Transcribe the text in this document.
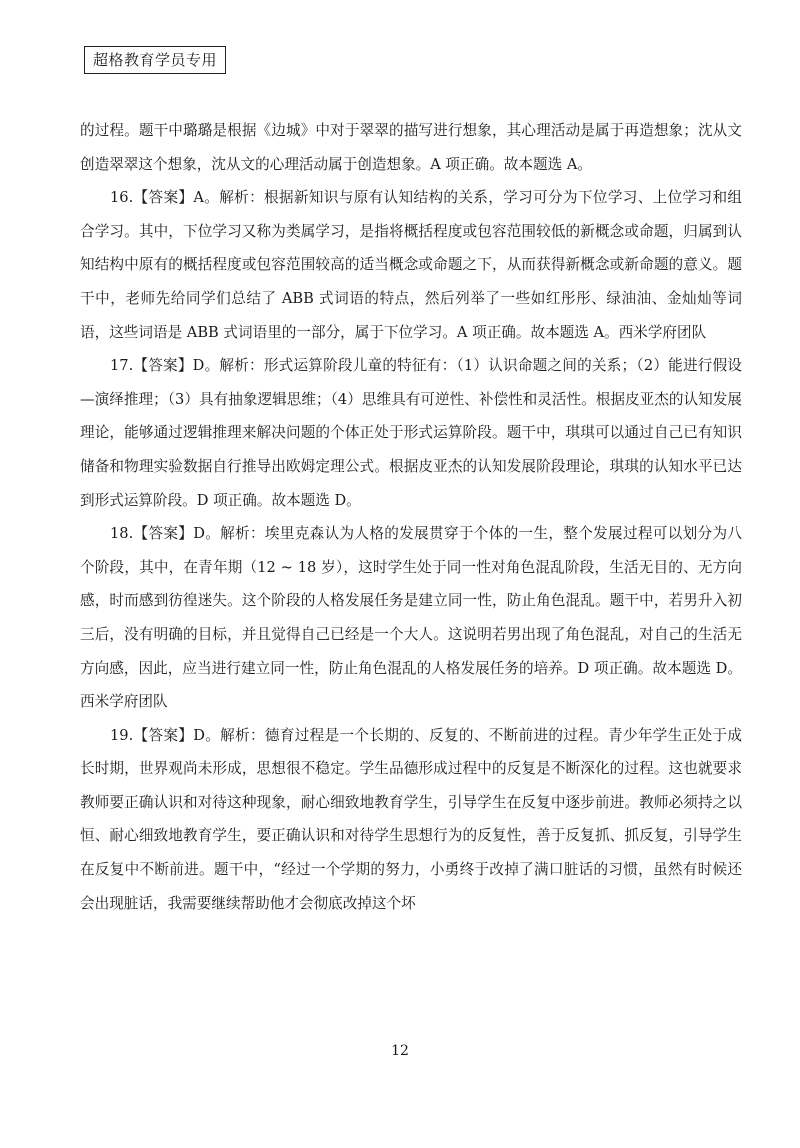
超格教育学员专用

的过程。题干中璐璐是根据《边城》中对于翠翠的描写进行想象，其心理活动是属于再造想象；沈从文创造翠翠这个想象，沈从文的心理活动属于创造想象。A 项正确。故本题选 A。

16.【答案】A。解析：根据新知识与原有认知结构的关系，学习可分为下位学习、上位学习和组合学习。其中，下位学习又称为类属学习，是指将概括程度或包容范围较低的新概念或命题，归属到认知结构中原有的概括程度或包容范围较高的适当概念或命题之下，从而获得新概念或新命题的意义。题干中，老师先给同学们总结了 ABB 式词语的特点，然后列举了一些如红彤彤、绿油油、金灿灿等词语，这些词语是 ABB 式词语里的一部分，属于下位学习。A 项正确。故本题选 A。西米学府团队

17.【答案】D。解析：形式运算阶段儿童的特征有：（1）认识命题之间的关系；（2）能进行假设—演绎推理；（3）具有抽象逻辑思维；（4）思维具有可逆性、补偿性和灵活性。根据皮亚杰的认知发展理论，能够通过逻辑推理来解决问题的个体正处于形式运算阶段。题干中，琪琪可以通过自己已有知识储备和物理实验数据自行推导出欧姆定理公式。根据皮亚杰的认知发展阶段理论，琪琪的认知水平已达到形式运算阶段。D 项正确。故本题选 D。

18.【答案】D。解析：埃里克森认为人格的发展贯穿于个体的一生，整个发展过程可以划分为八个阶段，其中，在青年期（12 ~ 18 岁），这时学生处于同一性对角色混乱阶段，生活无目的、无方向感，时而感到彷徨迷失。这个阶段的人格发展任务是建立同一性，防止角色混乱。题干中，若男升入初三后，没有明确的目标，并且觉得自己已经是一个大人。这说明若男出现了角色混乱，对自己的生活无方向感，因此，应当进行建立同一性，防止角色混乱的人格发展任务的培养。D 项正确。故本题选 D。西米学府团队

19.【答案】D。解析：德育过程是一个长期的、反复的、不断前进的过程。青少年学生正处于成长时期，世界观尚未形成，思想很不稳定。学生品德形成过程中的反复是不断深化的过程。这也就要求教师要正确认识和对待这种现象，耐心细致地教育学生，引导学生在反复中逐步前进。教师必须持之以恒、耐心细致地教育学生，要正确认识和对待学生思想行为的反复性，善于反复抓、抓反复，引导学生在反复中不断前进。题干中，“经过一个学期的努力，小勇终于改掉了满口脏话的习惯，虽然有时候还会出现脏话，我需要继续帮助他才会彻底改掉这个坏

12
